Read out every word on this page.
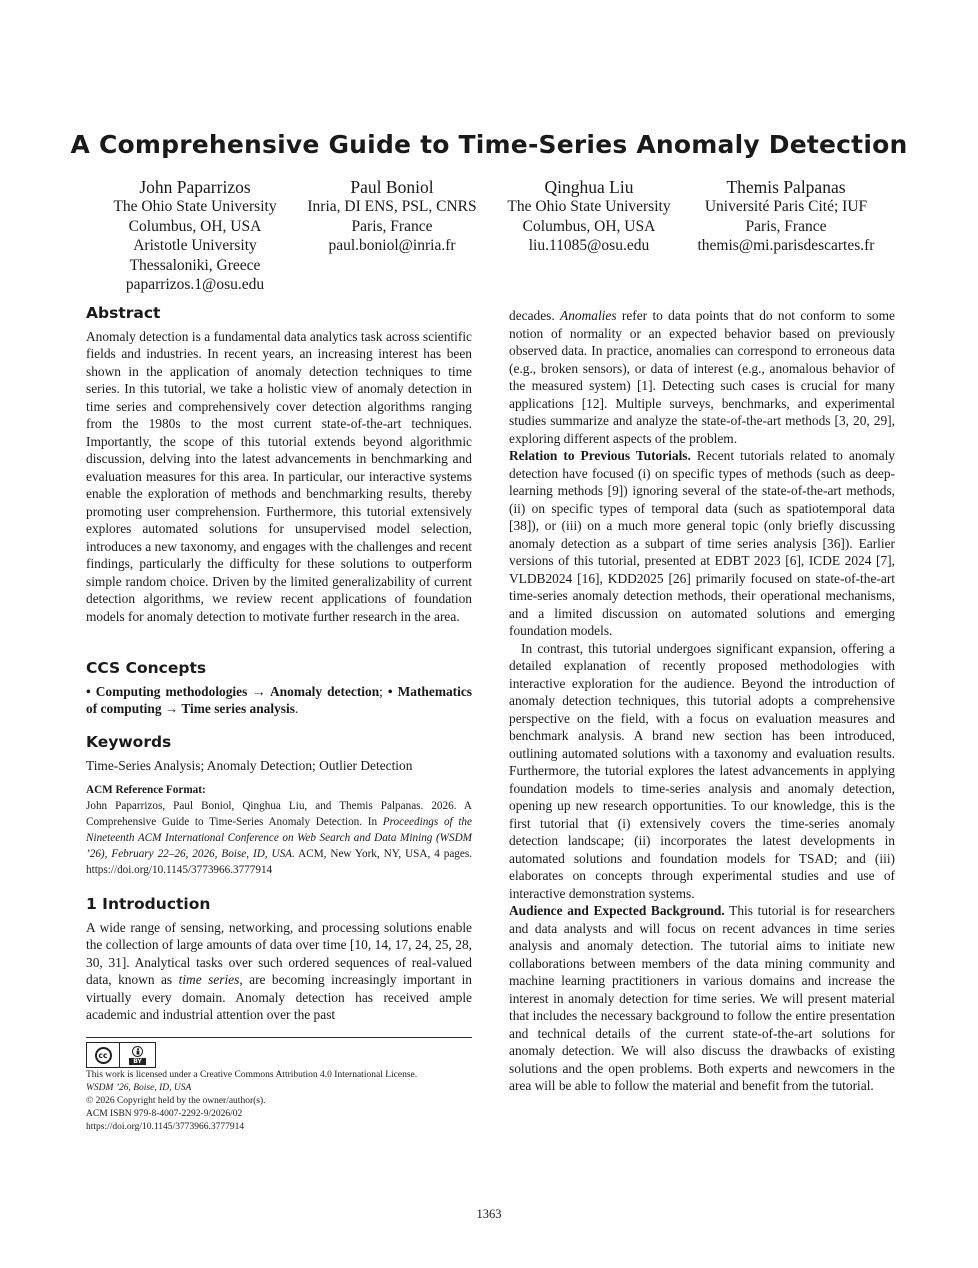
A Comprehensive Guide to Time-Series Anomaly Detection
John Paparrizos
The Ohio State University
Columbus, OH, USA
Aristotle University
Thessaloniki, Greece
paparrizos.1@osu.edu
Paul Boniol
Inria, DI ENS, PSL, CNRS
Paris, France
paul.boniol@inria.fr
Qinghua Liu
The Ohio State University
Columbus, OH, USA
liu.11085@osu.edu
Themis Palpanas
Université Paris Cité; IUF
Paris, France
themis@mi.parisdescartes.fr
Abstract

Anomaly detection is a fundamental data analytics task across scientific fields and industries. In recent years, an increasing interest has been shown in the application of anomaly detection techniques to time series. In this tutorial, we take a holistic view of anomaly detection in time series and comprehensively cover detection algorithms ranging from the 1980s to the most current state-of-the-art techniques. Importantly, the scope of this tutorial extends beyond algorithmic discussion, delving into the latest advancements in benchmarking and evaluation measures for this area. In particular, our interactive systems enable the exploration of methods and benchmarking results, thereby promoting user comprehension. Furthermore, this tutorial extensively explores automated solutions for unsupervised model selection, introduces a new taxonomy, and engages with the challenges and recent findings, particularly the difficulty for these solutions to outperform simple random choice. Driven by the limited generalizability of current detection algorithms, we review recent applications of foundation models for anomaly detection to motivate further research in the area.

CCS Concepts

• Computing methodologies → Anomaly detection; • Mathematics of computing → Time series analysis.

Keywords

Time-Series Analysis; Anomaly Detection; Outlier Detection

ACM Reference Format:

John Paparrizos, Paul Boniol, Qinghua Liu, and Themis Palpanas. 2026. A Comprehensive Guide to Time-Series Anomaly Detection. In Proceedings of the Nineteenth ACM International Conference on Web Search and Data Mining (WSDM ’26), February 22–26, 2026, Boise, ID, USA. ACM, New York, NY, USA, 4 pages. https://doi.org/10.1145/3773966.3777914

1 Introduction

A wide range of sensing, networking, and processing solutions enable the collection of large amounts of data over time [10, 14, 17, 24, 25, 28, 30, 31]. Analytical tasks over such ordered sequences of real-valued data, known as time series, are becoming increasingly important in virtually every domain. Anomaly detection has received ample academic and industrial attention over the past

cc
BY
This work is licensed under a Creative Commons Attribution 4.0 International License.
WSDM ’26, Boise, ID, USA
© 2026 Copyright held by the owner/author(s).
ACM ISBN 979-8-4007-2292-9/2026/02
https://doi.org/10.1145/3773966.3777914

decades. Anomalies refer to data points that do not conform to some notion of normality or an expected behavior based on previously observed data. In practice, anomalies can correspond to erroneous data (e.g., broken sensors), or data of interest (e.g., anomalous behavior of the measured system) [1]. Detecting such cases is crucial for many applications [12]. Multiple surveys, benchmarks, and experimental studies summarize and analyze the state-of-the-art methods [3, 20, 29], exploring different aspects of the problem.

Relation to Previous Tutorials. Recent tutorials related to anomaly detection have focused (i) on specific types of methods (such as deep-learning methods [9]) ignoring several of the state-of-the-art methods, (ii) on specific types of temporal data (such as spatiotemporal data [38]), or (iii) on a much more general topic (only briefly discussing anomaly detection as a subpart of time series analysis [36]). Earlier versions of this tutorial, presented at EDBT 2023 [6], ICDE 2024 [7], VLDB2024 [16], KDD2025 [26] primarily focused on state-of-the-art time-series anomaly detection methods, their operational mechanisms, and a limited discussion on automated solutions and emerging foundation models.

In contrast, this tutorial undergoes significant expansion, offering a detailed explanation of recently proposed methodologies with interactive exploration for the audience. Beyond the introduction of anomaly detection techniques, this tutorial adopts a comprehensive perspective on the field, with a focus on evaluation measures and benchmark analysis. A brand new section has been introduced, outlining automated solutions with a taxonomy and evaluation results. Furthermore, the tutorial explores the latest advancements in applying foundation models to time-series analysis and anomaly detection, opening up new research opportunities. To our knowledge, this is the first tutorial that (i) extensively covers the time-series anomaly detection landscape; (ii) incorporates the latest developments in automated solutions and foundation models for TSAD; and (iii) elaborates on concepts through experimental studies and use of interactive demonstration systems.

Audience and Expected Background. This tutorial is for researchers and data analysts and will focus on recent advances in time series analysis and anomaly detection. The tutorial aims to initiate new collaborations between members of the data mining community and machine learning practitioners in various domains and increase the interest in anomaly detection for time series. We will present material that includes the necessary background to follow the entire presentation and technical details of the current state-of-the-art solutions for anomaly detection. We will also discuss the drawbacks of existing solutions and the open problems. Both experts and newcomers in the area will be able to follow the material and benefit from the tutorial.

1363
